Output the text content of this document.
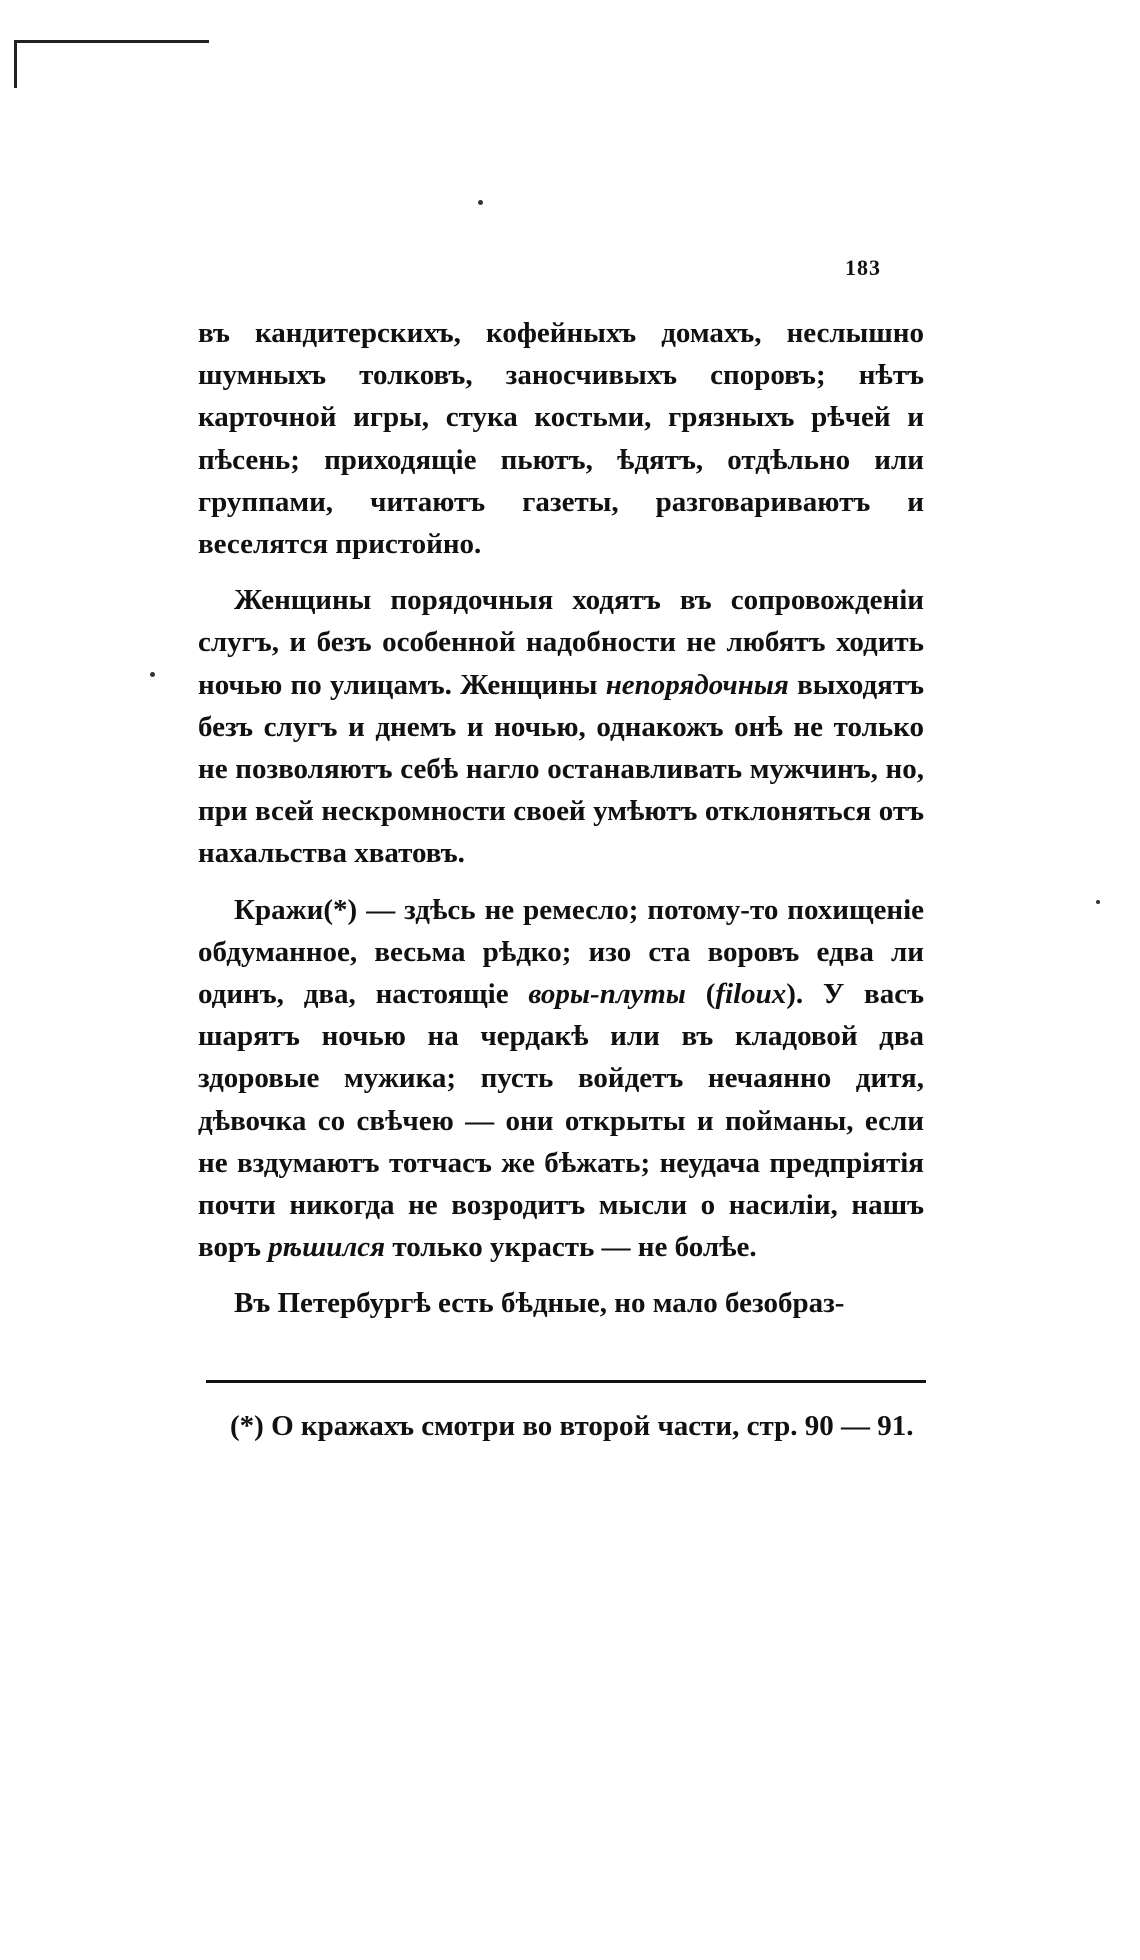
183

въ кандитерскихъ, кофейныхъ домахъ, неслышно шумныхъ толковъ, заносчивыхъ споровъ; нѣтъ карточной игры, стука костьми, грязныхъ рѣчей и пѣсень; приходящіе пьютъ, ѣдятъ, отдѣльно или группами, читаютъ газеты, разговариваютъ и веселятся пристойно.

Женщины порядочныя ходятъ въ сопровожденіи слугъ, и безъ особенной надобности не любятъ ходить ночью по улицамъ. Женщины непорядочныя выходятъ безъ слугъ и днемъ и ночью, однакожъ онѣ не только не позволяютъ себѣ нагло останавливать мужчинъ, но, при всей нескромности своей умѣютъ отклоняться отъ нахальства хватовъ.

Кражи(*) — здѣсь не ремесло; потому-то похищеніе обдуманное, весьма рѣдко; изо ста воровъ едва ли одинъ, два, настоящіе воры-плуты (filoux). У васъ шарятъ ночью на чердакѣ или въ кладовой два здоровые мужика; пусть войдетъ нечаянно дитя, дѣвочка со свѣчею — они открыты и пойманы, если не вздумаютъ тотчасъ же бѣжать; неудача предпріятія почти никогда не возродитъ мысли о насиліи, нашъ воръ рѣшился только украсть — не болѣе.

Въ Петербургѣ есть бѣдные, но мало безобраз-

(*) О кражахъ смотри во второй части, стр. 90 — 91.
